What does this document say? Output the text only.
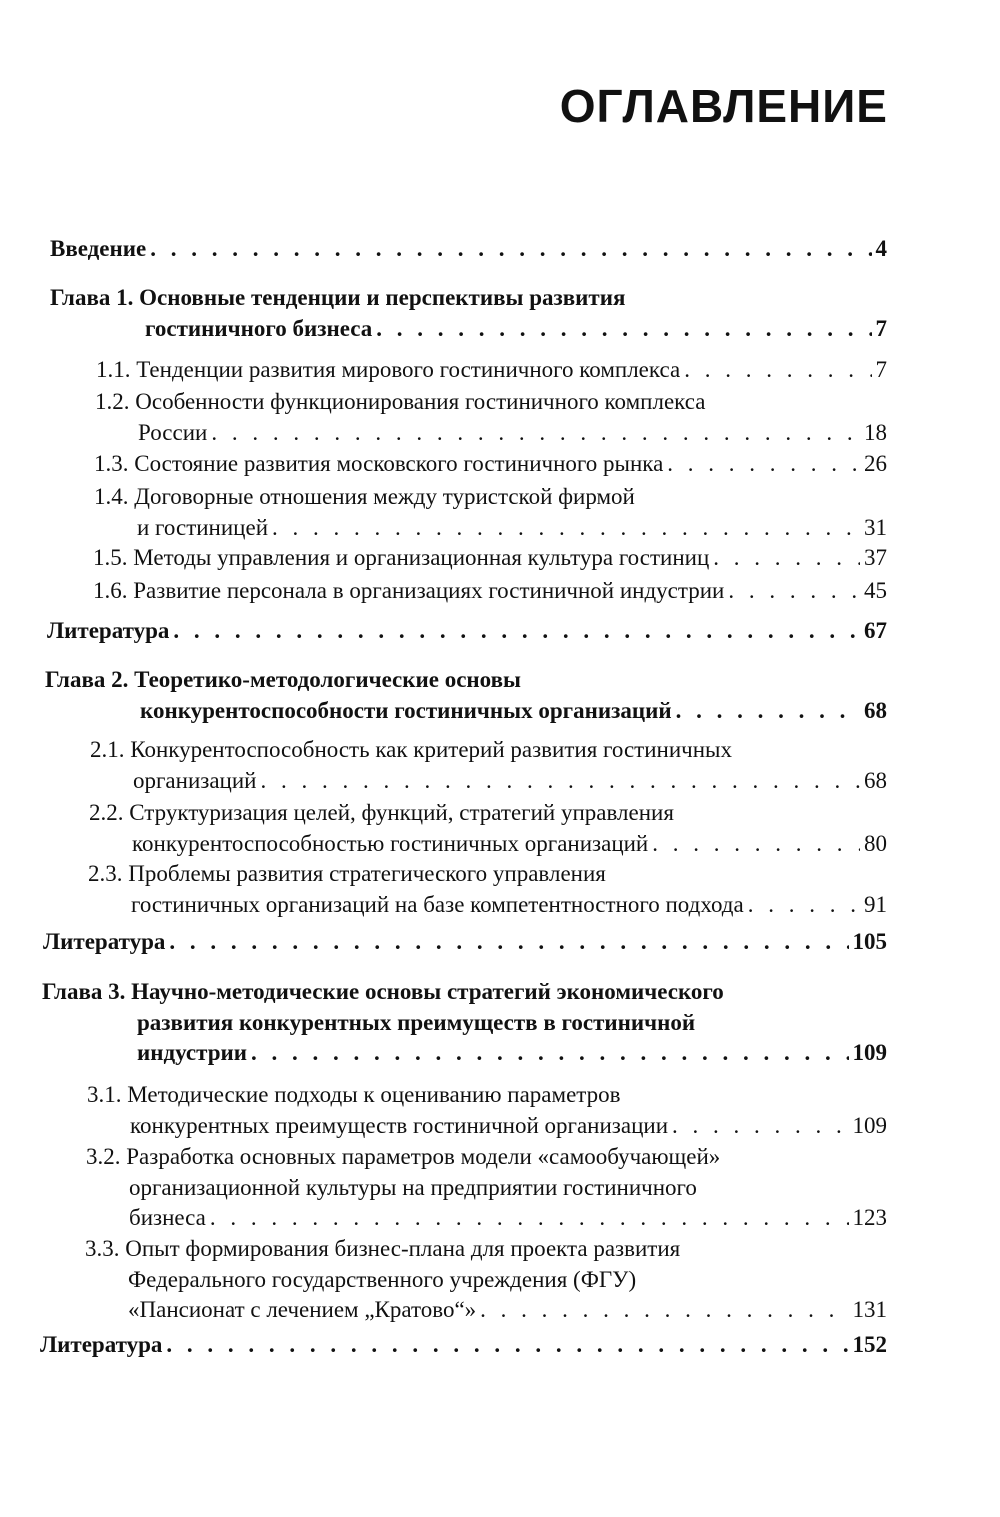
ОГЛАВЛЕНИЕ
Введение . . .	4
Глава 1.
Основные тенденции и перспективы развития
гостиничного бизнеса . . .	7
1.1.
Тенденции развития мирового гостиничного комплекса . . .	7
1.2.
Особенности функционирования гостиничного комплекса
России . . .	18
1.3.
Состояние развития московского гостиничного рынка . . .	26
1.4.
Договорные отношения между туристской фирмой
и гостиницей . . .	31
1.5.
Методы управления и организационная культура гостиниц . . .	37
1.6.
Развитие персонала в организациях гостиничной индустрии . . .	45
Литература . . .	67
Глава 2.
Теоретико-методологические основы
конкурентоспособности гостиничных организаций . . .	68
2.1.
Конкурентоспособность как критерий развития гостиничных
организаций . . .	68
2.2.
Структуризация целей, функций, стратегий управления
конкурентоспособностью гостиничных организаций . . .	80
2.3.
Проблемы развития стратегического управления
гостиничных организаций на базе компетентностного подхода . . .	91
Литература . . .	105
Глава 3.
Научно-методические основы стратегий экономического
развития конкурентных преимуществ в гостиничной
индустрии . . .	109
3.1.
Методические подходы к оцениванию параметров
конкурентных преимуществ гостиничной организации . . .	109
3.2.
Разработка основных параметров модели «самообучающей»
организационной культуры на предприятии гостиничного
бизнеса . . .	123
3.3.
Опыт формирования бизнес-плана для проекта развития
Федерального государственного учреждения (ФГУ)
«Пансионат с лечением „Кратово“» . . .	131
Литература . . .	152
